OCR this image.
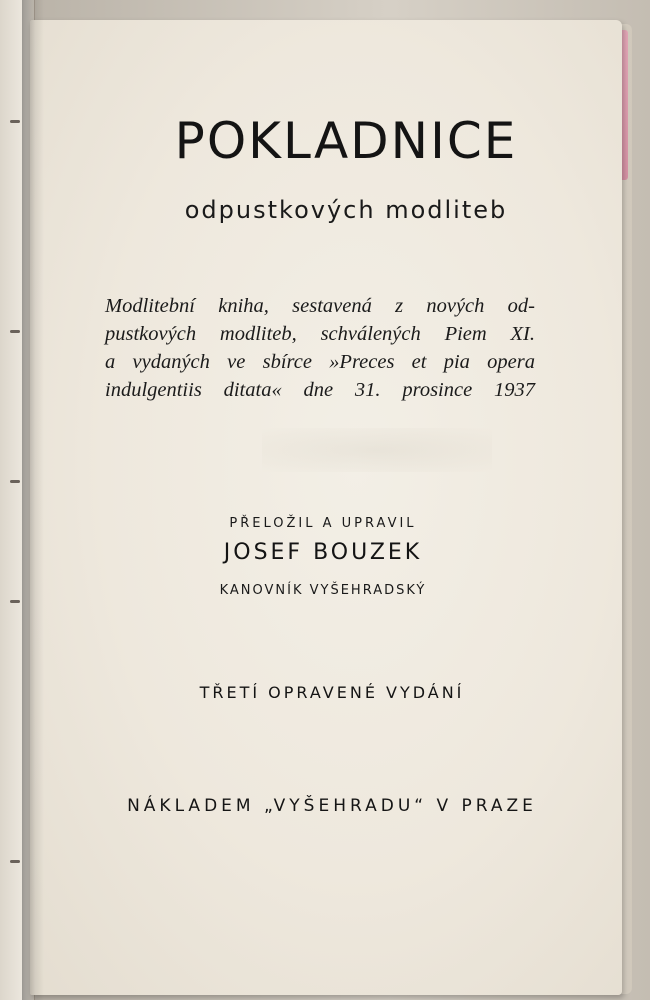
POKLADNICE
odpustkových modliteb
Modlitební kniha, sestavená z nových od-
pustkových modliteb, schválených Piem XI.
a vydaných ve sbírce »Preces et pia opera
indulgentiis ditata« dne 31. prosince 1937
PŘELOŽIL A UPRAVIL
JOSEF BOUZEK
KANOVNÍK VYŠEHRADSKÝ
TŘETÍ OPRAVENÉ VYDÁNÍ
NÁKLADEM „VYŠEHRADU“ V PRAZE
